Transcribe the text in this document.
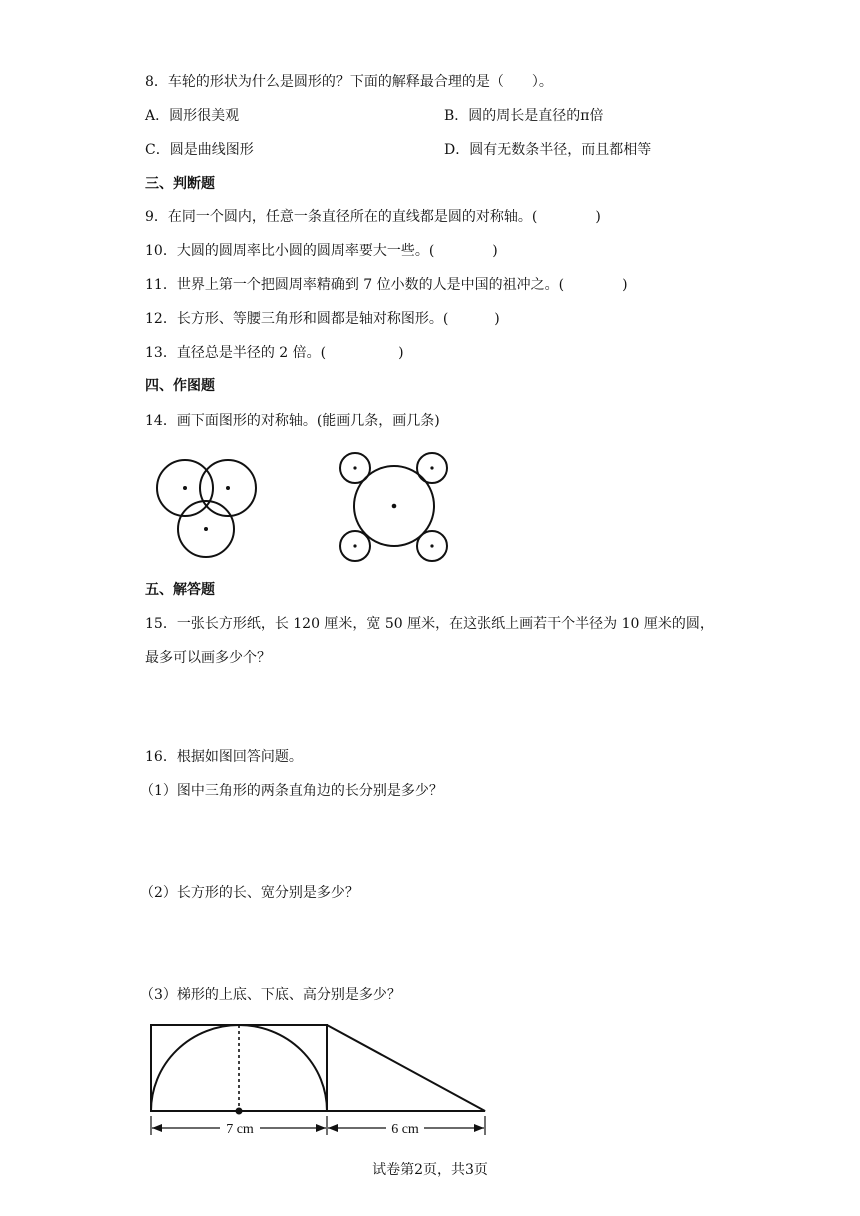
8．车轮的形状为什么是圆形的？下面的解释最合理的是（　　）。
A．圆形很美观	B．圆的周长是直径的π倍
C．圆是曲线图形	D．圆有无数条半径，而且都相等
三、判断题
9．在同一个圆内，任意一条直径所在的直线都是圆的对称轴。(	)
10．大圆的圆周率比小圆的圆周率要大一些。(	)
11．世界上第一个把圆周率精确到 7 位小数的人是中国的祖冲之。(	)
12．长方形、等腰三角形和圆都是轴对称图形。(	)
13．直径总是半径的 2 倍。(	)
四、作图题
14．画下面图形的对称轴。(能画几条，画几条)
五、解答题
15．一张长方形纸，长 120 厘米，宽 50 厘米，在这张纸上画若干个半径为 10 厘米的圆，
最多可以画多少个？
16．根据如图回答问题。
（1）图中三角形的两条直角边的长分别是多少？
（2）长方形的长、宽分别是多少？
（3）梯形的上底、下底、高分别是多少？
7 cm	6 cm
试卷第2页，共3页
